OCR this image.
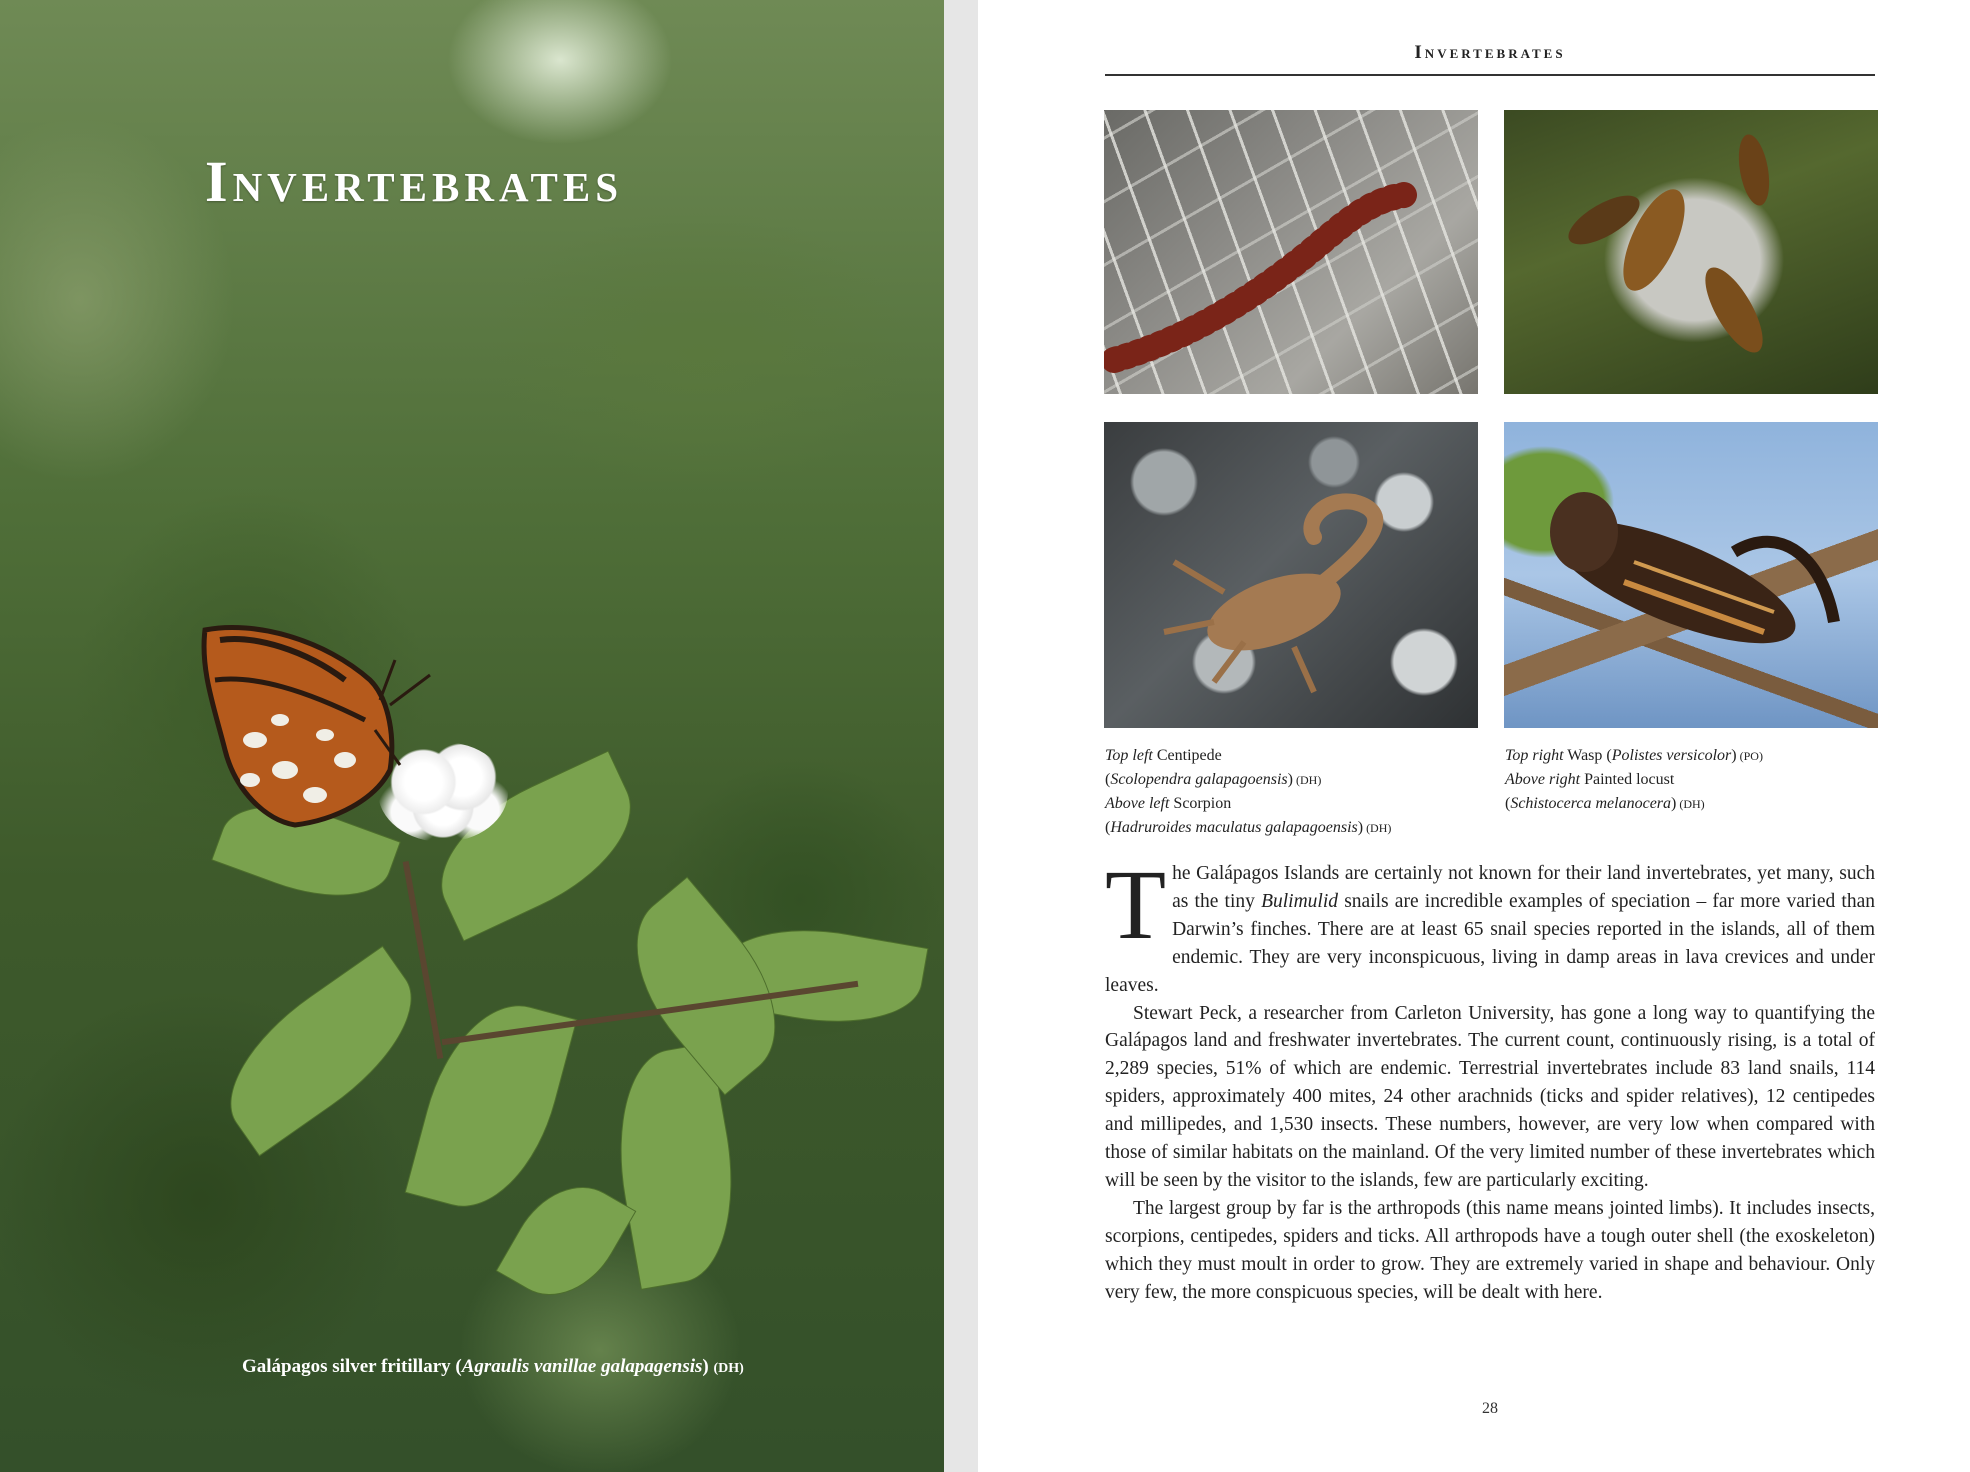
Invertebrates

Galápagos silver fritillary (Agraulis vanillae galapagensis) (DH)

Invertebrates
Top left Centipede
(Scolopendra galapagoensis) (DH)
Above left Scorpion
(Hadruroides maculatus galapagoensis) (DH)
Top right Wasp (Polistes versicolor) (PO)
Above right Painted locust
(Schistocerca melanocera) (DH)

The Galápagos Islands are certainly not known for their land invertebrates, yet many, such as the tiny Bulimulid snails are incredible examples of speciation – far more varied than Darwin’s finches. There are at least 65 snail species reported in the islands, all of them endemic. They are very inconspicuous, living in damp areas in lava crevices and under leaves.

Stewart Peck, a researcher from Carleton University, has gone a long way to quantifying the Galápagos land and freshwater invertebrates. The current count, continuously rising, is a total of 2,289 species, 51% of which are endemic. Terrestrial invertebrates include 83 land snails, 114 spiders, approximately 400 mites, 24 other arachnids (ticks and spider relatives), 12 centipedes and millipedes, and 1,530 insects. These numbers, however, are very low when compared with those of similar habitats on the mainland. Of the very limited number of these invertebrates which will be seen by the visitor to the islands, few are particularly exciting.

The largest group by far is the arthropods (this name means jointed limbs). It includes insects, scorpions, centipedes, spiders and ticks. All arthropods have a tough outer shell (the exoskeleton) which they must moult in order to grow. They are extremely varied in shape and behaviour. Only very few, the more conspicuous species, will be dealt with here.

28
